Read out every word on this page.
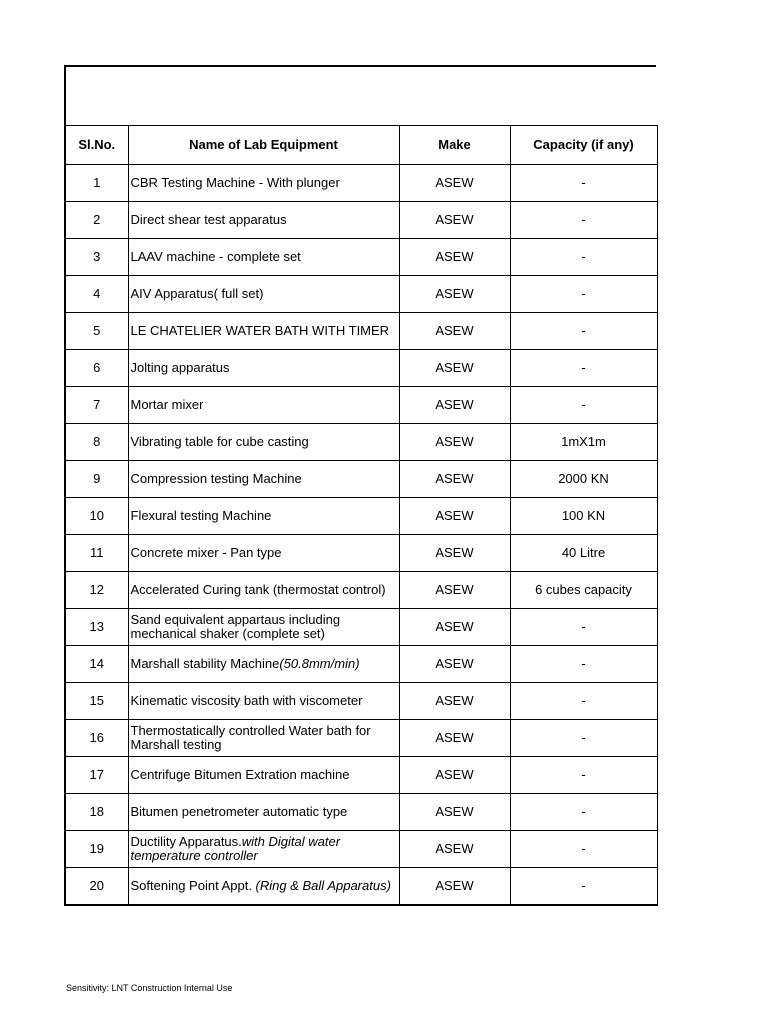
Sl.No.	Name of Lab Equipment	Make	Capacity (if any)
1	CBR Testing Machine - With plunger	ASEW	-
2	Direct shear test apparatus	ASEW	-
3	LAAV machine - complete set	ASEW	-
4	AIV Apparatus( full set)	ASEW	-
5	LE CHATELIER WATER BATH WITH TIMER	ASEW	-
6	Jolting apparatus	ASEW	-
7	Mortar mixer	ASEW	-
8	Vibrating table for cube casting	ASEW	1mX1m
9	Compression testing Machine	ASEW	2000 KN
10	Flexural testing Machine	ASEW	100 KN
11	Concrete mixer - Pan type	ASEW	40 Litre
12	Accelerated Curing tank (thermostat control)	ASEW	6 cubes capacity
13	Sand equivalent appartaus including mechanical shaker (complete set)	ASEW	-
14	Marshall stability Machine(50.8mm/min)	ASEW	-
15	Kinematic viscosity bath with viscometer	ASEW	-
16	Thermostatically controlled Water bath for Marshall testing	ASEW	-
17	Centrifuge Bitumen Extration machine	ASEW	-
18	Bitumen penetrometer automatic type	ASEW	-
19	Ductility Apparatus.with Digital water temperature controller	ASEW	-
20	Softening Point Appt. (Ring & Ball Apparatus)	ASEW	-
Sensitivity: LNT Construction Internal Use
